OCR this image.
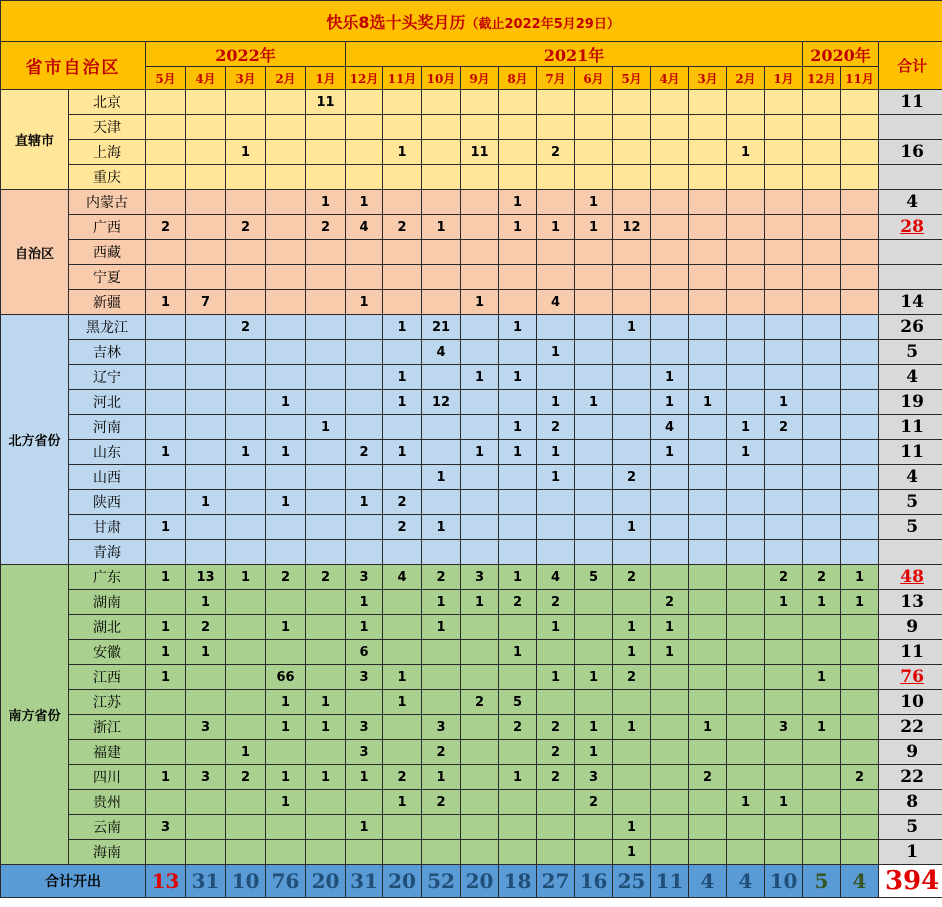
快乐8选十头奖月历（截止2022年5月29日）																					
省市自治区		2022年					2021年												2020年		合计
		5月	4月	3月	2月	1月	12月	11月	10月	9月	8月	7月	6月	5月	4月	3月	2月	1月	12月	11月	
直辖市	北京					11															11
	天津																				
	上海			1				1		11		2					1				16
	重庆																				
自治区	内蒙古					1	1				1		1								4
	广西	2		2		2	4	2	1		1	1	1	12							28
	西藏																				
	宁夏																				
	新疆	1	7				1			1		4									14
北方省份	黑龙江			2				1	21		1			1							26
	吉林								4			1									5
	辽宁							1		1	1				1						4
	河北				1			1	12			1	1		1	1		1			19
	河南					1					1	2			4		1	2			11
	山东	1		1	1		2	1		1	1	1			1		1				11
	山西								1			1		2							4
	陕西		1		1		1	2													5
	甘肃	1						2	1					1							5
	青海																				
南方省份	广东	1	13	1	2	2	3	4	2	3	1	4	5	2				2	2	1	48
	湖南		1				1		1	1	2	2			2			1	1	1	13
	湖北	1	2		1		1		1			1		1	1						9
	安徽	1	1				6				1			1	1						11
	江西	1			66		3	1				1	1	2					1		76
	江苏				1	1		1		2	5										10
	浙江		3		1	1	3		3		2	2	1	1		1		3	1		22
	福建			1			3		2			2	1								9
	四川	1	3	2	1	1	1	2	1		1	2	3			2				2	22
	贵州				1			1	2				2				1	1			8
	云南	3					1							1							5
	海南													1							1
合计开出		13	31	10	76	20	31	20	52	20	18	27	16	25	11	4	4	10	5	4	394
